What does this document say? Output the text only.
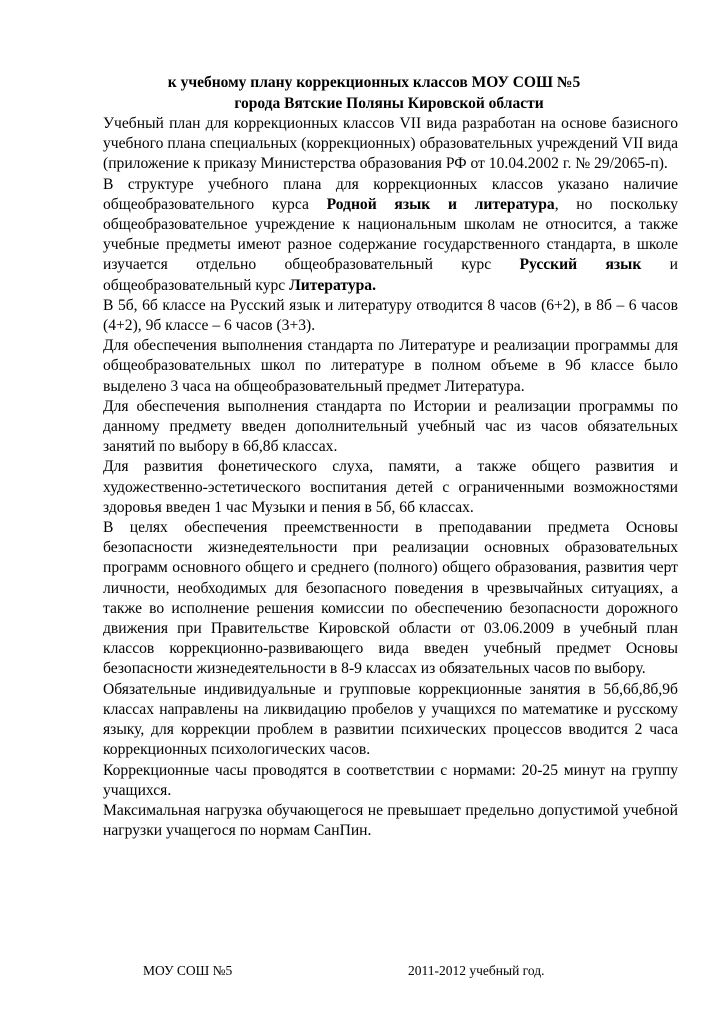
к учебному плану коррекционных классов МОУ СОШ №5
города Вятские Поляны Кировской области

Учебный план для коррекционных классов VII вида разработан на основе базисного учебного плана специальных (коррекционных) образовательных учреждений VII вида (приложение к приказу Министерства образования РФ от 10.04.2002 г. № 29/2065-п).

В структуре учебного плана для коррекционных классов указано наличие общеобразовательного курса Родной язык и литература, но поскольку общеобразовательное учреждение к национальным школам не относится, а также учебные предметы имеют разное содержание государственного стандарта, в школе изучается отдельно общеобразовательный курс Русский язык и общеобразовательный курс Литература.

В 5б, 6б классе на Русский язык и литературу отводится 8 часов (6+2), в 8б – 6 часов (4+2), 9б классе – 6 часов (3+3).

Для обеспечения выполнения стандарта по Литературе и реализации программы для общеобразовательных школ по литературе в полном объеме в 9б классе было выделено 3 часа на общеобразовательный предмет Литература.

Для обеспечения выполнения стандарта по Истории и реализации программы по данному предмету введен дополнительный учебный час из часов обязательных занятий по выбору в 6б,8б классах.

Для развития фонетического слуха, памяти, а также общего развития и художественно-эстетического воспитания детей с ограниченными возможностями здоровья введен 1 час Музыки и пения в 5б, 6б классах.

В целях обеспечения преемственности в преподавании предмета Основы безопасности жизнедеятельности при реализации основных образовательных программ основного общего и среднего (полного) общего образования, развития черт личности, необходимых для безопасного поведения в чрезвычайных ситуациях, а также во исполнение решения комиссии по обеспечению безопасности дорожного движения при Правительстве Кировской области от 03.06.2009 в учебный план классов коррекционно-развивающего вида введен учебный предмет Основы безопасности жизнедеятельности в 8-9 классах из обязательных часов по выбору.

Обязательные индивидуальные и групповые коррекционные занятия в 5б,6б,8б,9б классах направлены на ликвидацию пробелов у учащихся по математике и русскому языку, для коррекции проблем в развитии психических процессов вводится 2 часа коррекционных психологических часов.

Коррекционные часы проводятся в соответствии с нормами: 20-25 минут на группу учащихся.

Максимальная нагрузка обучающегося не превышает предельно допустимой учебной нагрузки учащегося по нормам СанПин.

МОУ СОШ №5	2011-2012 учебный год.
